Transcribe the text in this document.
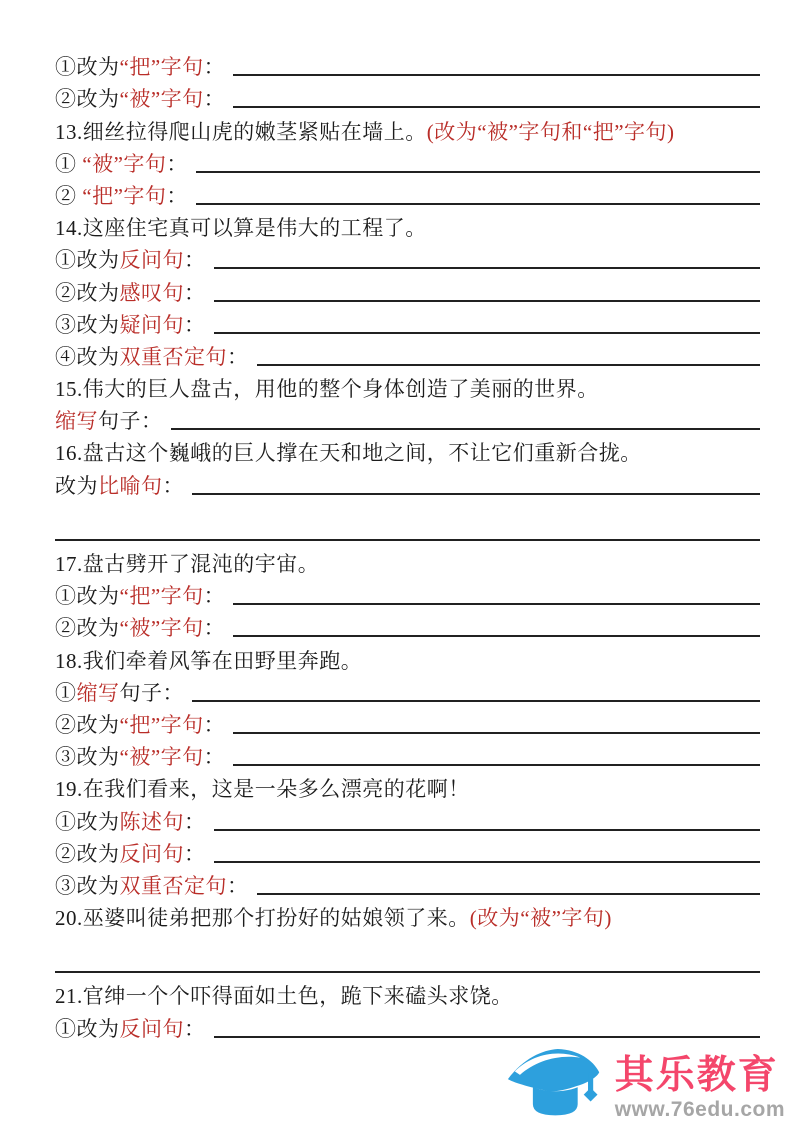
①改为“把”字句：
②改为“被”字句：
13.细丝拉得爬山虎的嫩茎紧贴在墙上。(改为“被”字句和“把”字句)
① “被”字句：
② “把”字句：
14.这座住宅真可以算是伟大的工程了。
①改为反问句：
②改为感叹句：
③改为疑问句：
④改为双重否定句：
15.伟大的巨人盘古，用他的整个身体创造了美丽的世界。
缩写句子：
16.盘古这个巍峨的巨人撑在天和地之间，不让它们重新合拢。
改为比喻句：
17.盘古劈开了混沌的宇宙。
①改为“把”字句：
②改为“被”字句：
18.我们牵着风筝在田野里奔跑。
①缩写句子：
②改为“把”字句：
③改为“被”字句：
19.在我们看来，这是一朵多么漂亮的花啊！
①改为陈述句：
②改为反问句：
③改为双重否定句：
20.巫婆叫徒弟把那个打扮好的姑娘领了来。(改为“被”字句)
21.官绅一个个吓得面如土色，跪下来磕头求饶。
①改为反问句：
其乐教育
www.76edu.com
